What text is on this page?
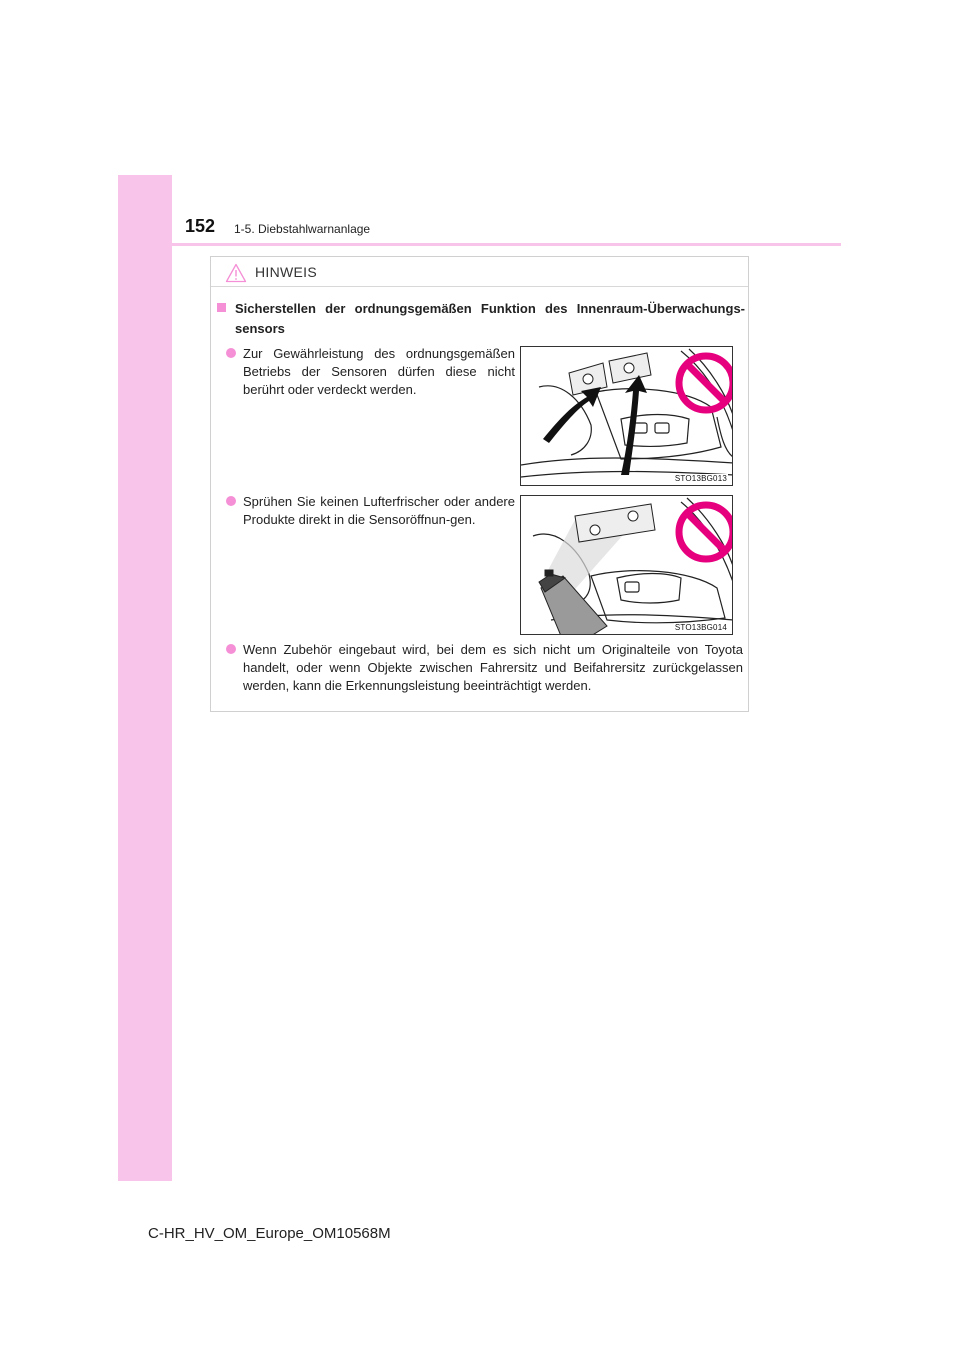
152 1-5. Diebstahlwarnanlage
HINWEIS

Sicherstellen der ordnungsgemäßen Funktion des Innenraum-Überwachungs-sensors

Zur Gewährleistung des ordnungsgemäßen Betriebs der Sensoren dürfen diese nicht berührt oder verdeckt werden.

STO13BG013

Sprühen Sie keinen Lufterfrischer oder andere Produkte direkt in die Sensoröffnun-gen.

STO13BG014

Wenn Zubehör eingebaut wird, bei dem es sich nicht um Originalteile von Toyota handelt, oder wenn Objekte zwischen Fahrersitz und Beifahrersitz zurückgelassen werden, kann die Erkennungsleistung beeinträchtigt werden.

C-HR_HV_OM_Europe_OM10568M
